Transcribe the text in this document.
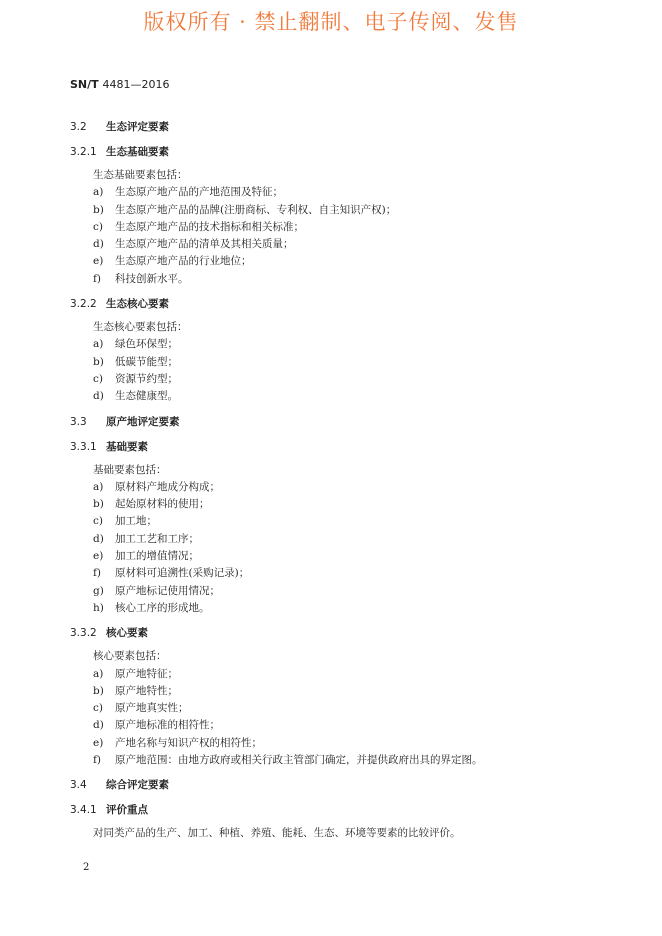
版权所有 · 禁止翻制、电子传阅、发售
SN/T 4481—2016
3.2 生态评定要素
3.2.1 生态基础要素
生态基础要素包括：
a) 生态原产地产品的产地范围及特征；
b) 生态原产地产品的品牌(注册商标、专利权、自主知识产权)；
c) 生态原产地产品的技术指标和相关标准；
d) 生态原产地产品的清单及其相关质量；
e) 生态原产地产品的行业地位；
f) 科技创新水平。
3.2.2 生态核心要素
生态核心要素包括：
a) 绿色环保型；
b) 低碳节能型；
c) 资源节约型；
d) 生态健康型。
3.3 原产地评定要素
3.3.1 基础要素
基础要素包括：
a) 原材料产地成分构成；
b) 起始原材料的使用；
c) 加工地；
d) 加工工艺和工序；
e) 加工的增值情况；
f) 原材料可追溯性(采购记录)；
g) 原产地标记使用情况；
h) 核心工序的形成地。
3.3.2 核心要素
核心要素包括：
a) 原产地特征；
b) 原产地特性；
c) 原产地真实性；
d) 原产地标准的相符性；
e) 产地名称与知识产权的相符性；
f) 原产地范围：由地方政府或相关行政主管部门确定，并提供政府出具的界定图。
3.4 综合评定要素
3.4.1 评价重点
对同类产品的生产、加工、种植、养殖、能耗、生态、环境等要素的比较评价。
2
